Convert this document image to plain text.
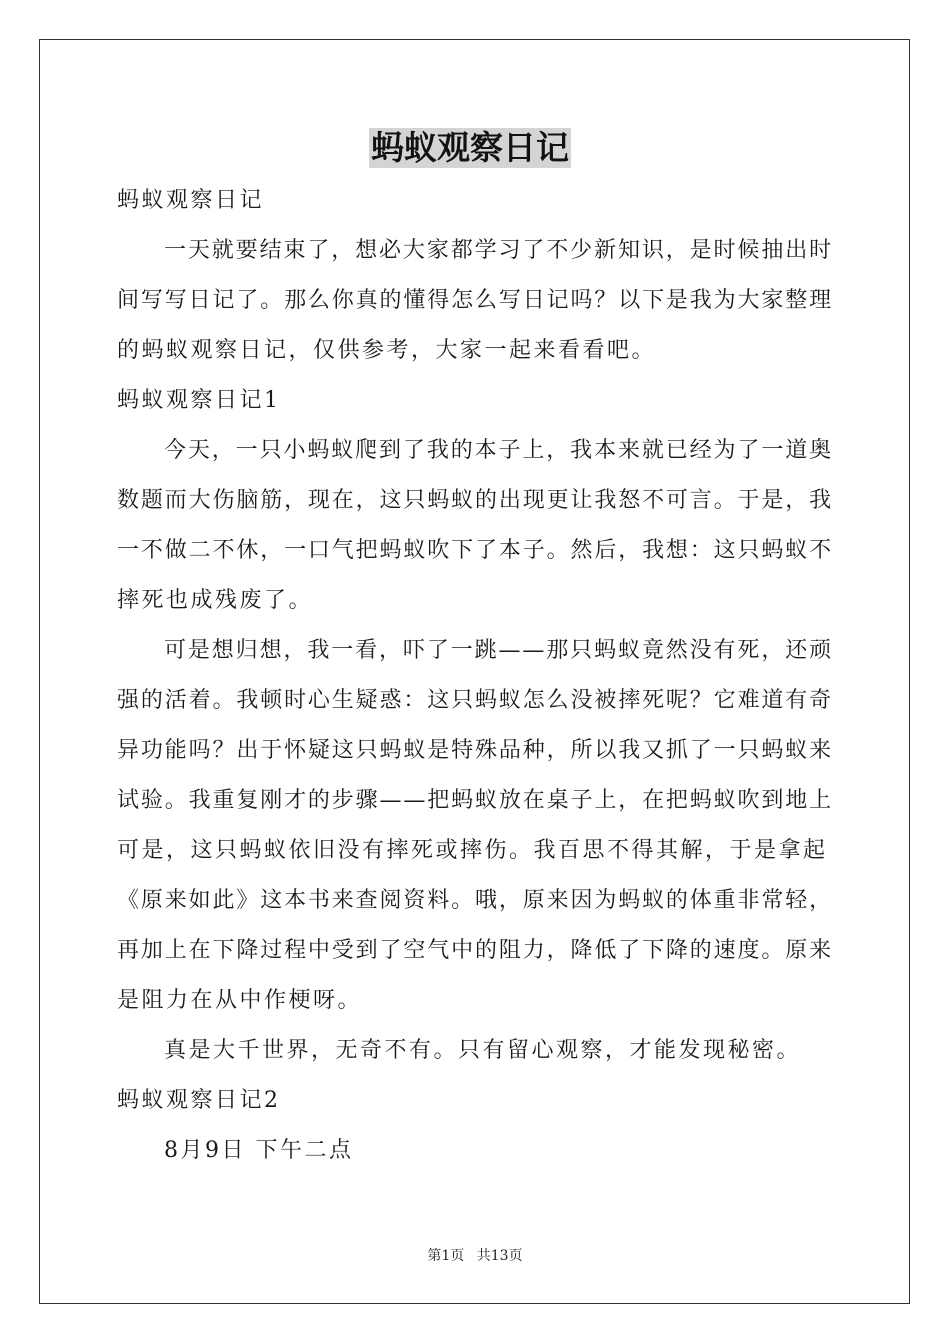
蚂蚁观察日记
蚂蚁观察日记
一天就要结束了，想必大家都学习了不少新知识，是时候抽出时
间写写日记了。那么你真的懂得怎么写日记吗？以下是我为大家整理
的蚂蚁观察日记，仅供参考，大家一起来看看吧。
蚂蚁观察日记1
今天，一只小蚂蚁爬到了我的本子上，我本来就已经为了一道奥
数题而大伤脑筋，现在，这只蚂蚁的出现更让我怒不可言。于是，我
一不做二不休，一口气把蚂蚁吹下了本子。然后，我想：这只蚂蚁不
摔死也成残废了。
可是想归想，我一看，吓了一跳——那只蚂蚁竟然没有死，还顽
强的活着。我顿时心生疑惑：这只蚂蚁怎么没被摔死呢？它难道有奇
异功能吗？出于怀疑这只蚂蚁是特殊品种，所以我又抓了一只蚂蚁来
试验。我重复刚才的步骤——把蚂蚁放在桌子上，在把蚂蚁吹到地上
可是，这只蚂蚁依旧没有摔死或摔伤。我百思不得其解，于是拿起
《原来如此》这本书来查阅资料。哦，原来因为蚂蚁的体重非常轻，
再加上在下降过程中受到了空气中的阻力，降低了下降的速度。原来
是阻力在从中作梗呀。
真是大千世界，无奇不有。只有留心观察，才能发现秘密。
蚂蚁观察日记2
8月9日 下午二点
第1页 共13页
